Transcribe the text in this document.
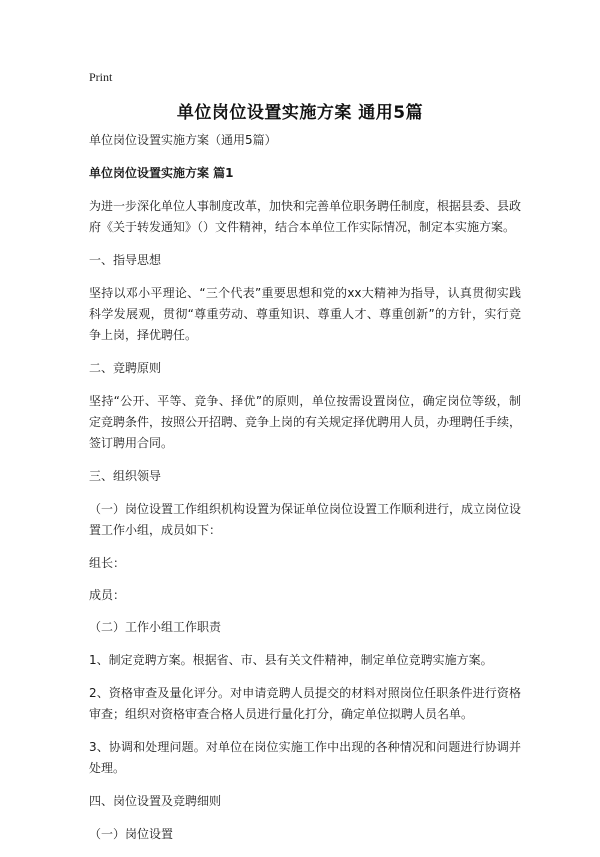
Print
单位岗位设置实施方案 通用5篇

单位岗位设置实施方案（通用5篇）

单位岗位设置实施方案 篇1

为进一步深化单位人事制度改革，加快和完善单位职务聘任制度，根据县委、县政府《关于转发通知》（）文件精神，结合本单位工作实际情况，制定本实施方案。

一、指导思想

坚持以邓小平理论、“三个代表”重要思想和党的xx大精神为指导，认真贯彻实践科学发展观，贯彻“尊重劳动、尊重知识、尊重人才、尊重创新”的方针，实行竞争上岗，择优聘任。

二、竞聘原则

坚持“公开、平等、竞争、择优”的原则，单位按需设置岗位，确定岗位等级，制定竞聘条件，按照公开招聘、竞争上岗的有关规定择优聘用人员，办理聘任手续，签订聘用合同。

三、组织领导

（一）岗位设置工作组织机构设置为保证单位岗位设置工作顺利进行，成立岗位设置工作小组，成员如下：

组长：

成员：

（二）工作小组工作职责

1、制定竞聘方案。根据省、市、县有关文件精神，制定单位竞聘实施方案。

2、资格审查及量化评分。对申请竞聘人员提交的材料对照岗位任职条件进行资格审查；组织对资格审查合格人员进行量化打分，确定单位拟聘人员名单。

3、协调和处理问题。对单位在岗位实施工作中出现的各种情况和问题进行协调并处理。

四、岗位设置及竞聘细则

（一）岗位设置
